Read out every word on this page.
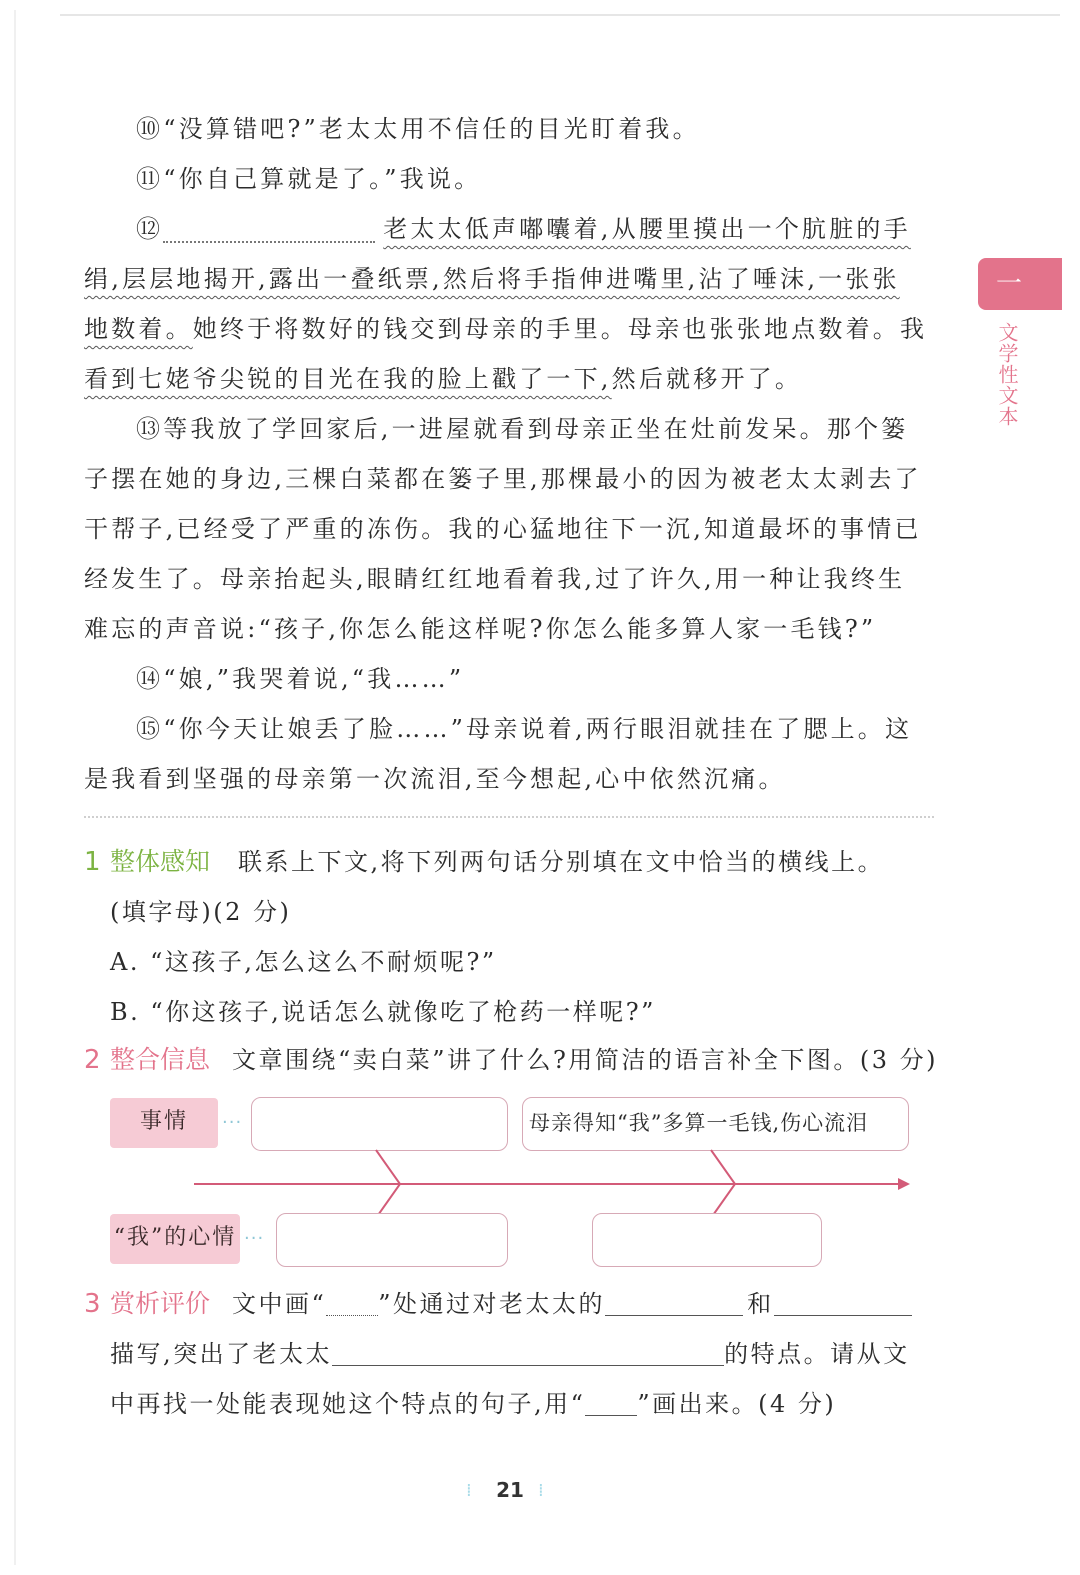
⑩“没算错吧?”老太太用不信任的目光盯着我。

⑪“你自己算就是了。”我说。

⑫	老太太低声嘟囔着,从腰里摸出一个肮脏的手

绢,层层地揭开,露出一叠纸票,然后将手指伸进嘴里,沾了唾沫,一张张

地数着。她终于将数好的钱交到母亲的手里。母亲也张张地点数着。我

看到七姥爷尖锐的目光在我的脸上戳了一下,然后就移开了。

⑬等我放了学回家后,一进屋就看到母亲正坐在灶前发呆。那个篓

子摆在她的身边,三棵白菜都在篓子里,那棵最小的因为被老太太剥去了

干帮子,已经受了严重的冻伤。我的心猛地往下一沉,知道最坏的事情已

经发生了。母亲抬起头,眼睛红红地看着我,过了许久,用一种让我终生

难忘的声音说:“孩子,你怎么能这样呢?你怎么能多算人家一毛钱?”

⑭“娘,”我哭着说,“我……”

⑮“你今天让娘丢了脸……”母亲说着,两行眼泪就挂在了腮上。这

是我看到坚强的母亲第一次流泪,至今想起,心中依然沉痛。

一
文学性文本
1 整体感知 联系上下文,将下列两句话分别填在文中恰当的横线上。

(填字母)(2 分)

A. “这孩子,怎么这么不耐烦呢?”

B. “你这孩子,说话怎么就像吃了枪药一样呢?”

2 整合信息 文章围绕“卖白菜”讲了什么?用简洁的语言补全下图。(3 分)

事情	···	母亲得知“我”多算一毛钱,伤心流泪
“我”的心情 ···
3 赏析评价 文中画“ ”处通过对老太太的	和

描写,突出了老太太	的特点。请从文

中再找一处能表现她这个特点的句子,用“ ”画出来。(4 分)

⁞	21 ⁞
